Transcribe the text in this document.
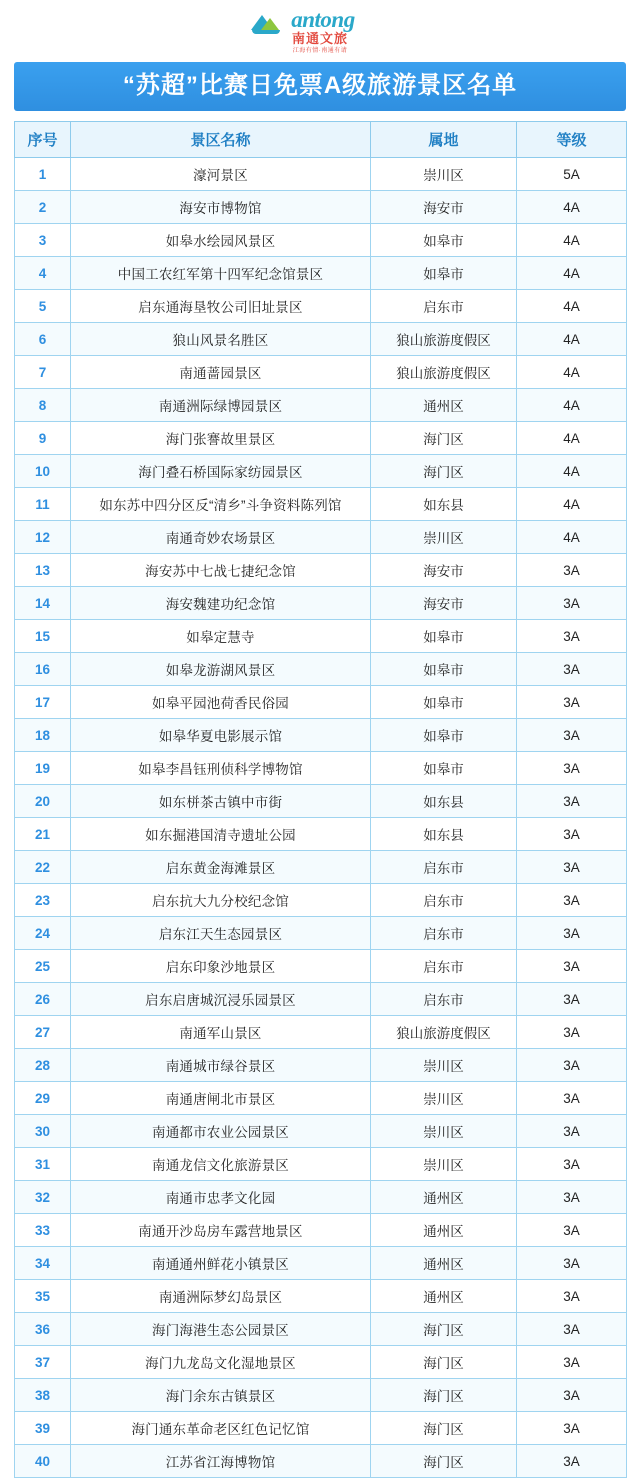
antong
南通文旅
江海有情·南通有请
“苏超”比赛日免票A级旅游景区名单
序号	景区名称	属地	等级
1	濠河景区	崇川区	5A
2	海安市博物馆	海安市	4A
3	如皋水绘园风景区	如皋市	4A
4	中国工农红军第十四军纪念馆景区	如皋市	4A
5	启东通海垦牧公司旧址景区	启东市	4A
6	狼山风景名胜区	狼山旅游度假区	4A
7	南通蔷园景区	狼山旅游度假区	4A
8	南通洲际绿博园景区	通州区	4A
9	海门张謇故里景区	海门区	4A
10	海门叠石桥国际家纺园景区	海门区	4A
11	如东苏中四分区反“清乡”斗争资料陈列馆	如东县	4A
12	南通奇妙农场景区	崇川区	4A
13	海安苏中七战七捷纪念馆	海安市	3A
14	海安魏建功纪念馆	海安市	3A
15	如皋定慧寺	如皋市	3A
16	如皋龙游湖风景区	如皋市	3A
17	如皋平园池荷香民俗园	如皋市	3A
18	如皋华夏电影展示馆	如皋市	3A
19	如皋李昌钰刑侦科学博物馆	如皋市	3A
20	如东栟茶古镇中市街	如东县	3A
21	如东掘港国清寺遗址公园	如东县	3A
22	启东黄金海滩景区	启东市	3A
23	启东抗大九分校纪念馆	启东市	3A
24	启东江天生态园景区	启东市	3A
25	启东印象沙地景区	启东市	3A
26	启东启唐城沉浸乐园景区	启东市	3A
27	南通军山景区	狼山旅游度假区	3A
28	南通城市绿谷景区	崇川区	3A
29	南通唐闸北市景区	崇川区	3A
30	南通都市农业公园景区	崇川区	3A
31	南通龙信文化旅游景区	崇川区	3A
32	南通市忠孝文化园	通州区	3A
33	南通开沙岛房车露营地景区	通州区	3A
34	南通通州鲜花小镇景区	通州区	3A
35	南通洲际梦幻岛景区	通州区	3A
36	海门海港生态公园景区	海门区	3A
37	海门九龙岛文化湿地景区	海门区	3A
38	海门余东古镇景区	海门区	3A
39	海门通东革命老区红色记忆馆	海门区	3A
40	江苏省江海博物馆	海门区	3A
